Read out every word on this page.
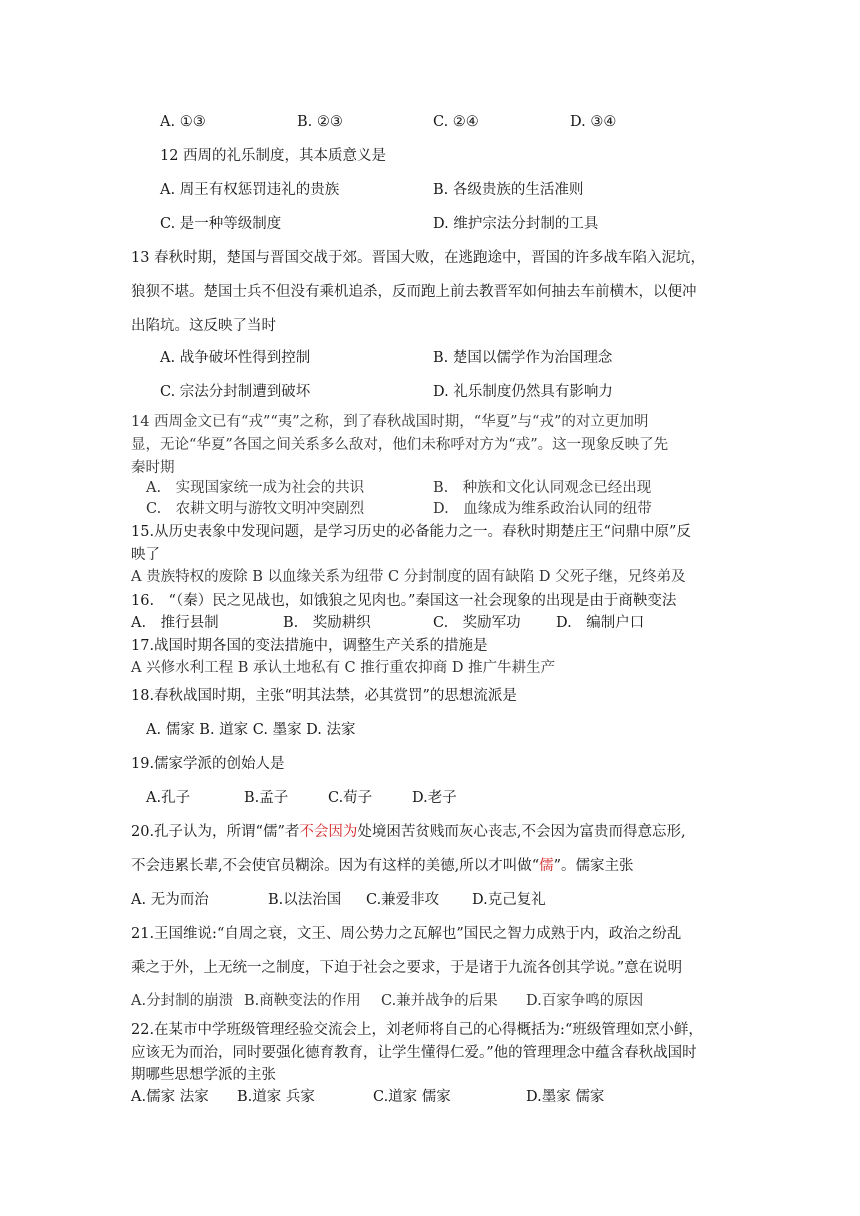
A. ①③	B. ②③	C. ②④	D. ③④
12 西周的礼乐制度，其本质意义是
A. 周王有权惩罚违礼的贵族	B. 各级贵族的生活准则
C. 是一种等级制度	D. 维护宗法分封制的工具
13 春秋时期，楚国与晋国交战于郊。晋国大败，在逃跑途中，晋国的许多战车陷入泥坑，
狼狈不堪。楚国士兵不但没有乘机追杀，反而跑上前去教晋军如何抽去车前横木，以便冲
出陷坑。这反映了当时
A. 战争破坏性得到控制	B. 楚国以儒学作为治国理念
C. 宗法分封制遭到破坏	D. 礼乐制度仍然具有影响力
14 西周金文已有“戎”“夷”之称，到了春秋战国时期，“华夏”与“戎”的对立更加明
显，无论“华夏”各国之间关系多么敌对，他们未称呼对方为“戎”。这一现象反映了先
秦时期
A.　实现国家统一成为社会的共识	B.　种族和文化认同观念已经出现
C.　农耕文明与游牧文明冲突剧烈	D.　血缘成为维系政治认同的纽带
15.从历史表象中发现问题，是学习历史的必备能力之一。春秋时期楚庄王“问鼎中原”反
映了
A 贵族特权的废除 B 以血缘关系为纽带 C 分封制度的固有缺陷 D 父死子继，兄终弟及
16.　“（秦）民之见战也，如饿狼之见肉也。”秦国这一社会现象的出现是由于商鞅变法
A.　推行县制	B.　奖励耕织	C.　奖励军功 D.　编制户口
17.战国时期各国的变法措施中，调整生产关系的措施是
A 兴修水利工程 B 承认土地私有 C 推行重农抑商 D 推广牛耕生产
18.春秋战国时期，主张“明其法禁，必其赏罚”的思想流派是
A. 儒家 B. 道家 C. 墨家 D. 法家
19.儒家学派的创始人是
A.孔子	B.孟子	C.荀子	D.老子
20.孔子认为，所谓“儒”者不会因为处境困苦贫贱而灰心丧志,不会因为富贵而得意忘形,
不会违累长辈,不会使官员糊涂。因为有这样的美德,所以才叫做“儒”。儒家主张
A. 无为而治	B.以法治国 C.兼爱非攻 D.克己复礼
21.王国维说:“自周之衰，文王、周公势力之瓦解也”国民之智力成熟于内，政治之纷乱
乘之于外，上无统一之制度，下迫于社会之要求，于是诸于九流各创其学说。”意在说明
A.分封制的崩溃 B.商鞅变法的作用 C.兼并战争的后果 D.百家争鸣的原因
22.在某市中学班级管理经验交流会上，刘老师将自己的心得概括为:“班级管理如烹小鲜，
应该无为而治，同时要强化德育教育，让学生懂得仁爱。”他的管理理念中蕴含春秋战国时
期哪些思想学派的主张
A.儒家 法家 B.道家 兵家	C.道家 儒家	D.墨家 儒家
